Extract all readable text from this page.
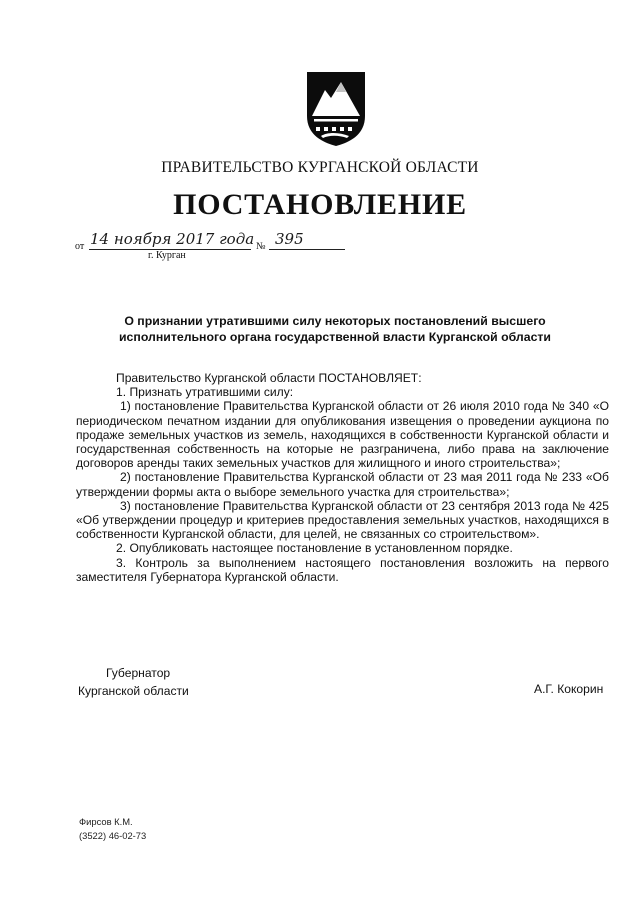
ПРАВИТЕЛЬСТВО КУРГАНСКОЙ ОБЛАСТИ
ПОСТАНОВЛЕНИЕ
от 14 ноября 2017 года № 395
г. Курган
О признании утратившими силу некоторых постановлений высшего исполнительного органа государственной власти Курганской области

Правительство Курганской области ПОСТАНОВЛЯЕТ:

1. Признать утратившими силу:

1) постановление Правительства Курганской области от 26 июля 2010 года № 340 «О периодическом печатном издании для опубликования извещения о проведении аукциона по продаже земельных участков из земель, находящихся в собственности Курганской области и государственная собственность на которые не разграничена, либо права на заключение договоров аренды таких земельных участков для жилищного и иного строительства»;

2) постановление Правительства Курганской области от 23 мая 2011 года № 233 «Об утверждении формы акта о выборе земельного участка для строительства»;

3) постановление Правительства Курганской области от 23 сентября 2013 года № 425 «Об утверждении процедур и критериев предоставления земельных участков, находящихся в собственности Курганской области, для целей, не связанных со строительством».

2. Опубликовать настоящее постановление в установленном порядке.

3. Контроль за выполнением настоящего постановления возложить на первого заместителя Губернатора Курганской области.

Губернатор
Курганской области	А.Г. Кокорин
Фирсов К.М.
(3522) 46-02-73
